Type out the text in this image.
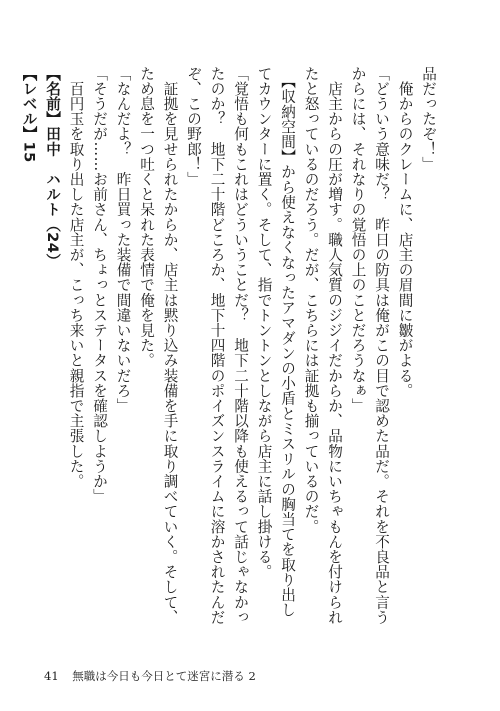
品だったぞ！」

　俺からのクレームに、店主の眉間に皺がよる。

「どういう意味だ？　昨日の防具は俺がこの目で認めた品だ。それを不良品と言うからには、それなりの覚悟の上のことだろうなぁ」

　店主からの圧が増す。職人気質のジジイだからか、品物にいちゃもんを付けられたと怒っているのだろう。だが、こちらには証拠も揃っているのだ。

　【収納空間】から使えなくなったアマダンの小盾とミスリルの胸当てを取り出してカウンターに置く。そして、指でトントンとしながら店主に話し掛ける。

「覚悟も何もこれはどういうことだ？　地下二十階以降も使えるって話じゃなかったのか？　地下二十階どころか、地下十四階のポイズンスライムに溶かされたんだぞ、この野郎！」

　証拠を見せられたからか、店主は黙り込み装備を手に取り調べていく。そして、ため息を一つ吐くと呆れた表情で俺を見た。

「なんだよ？　昨日買った装備で間違いないだろ」

「そうだが……お前さん、ちょっとステータスを確認しようか」

　百円玉を取り出した店主が、こっち来いと親指で主張した。

【名前】田中　ハルト（24）

【レベル】15

41 無職は今日も今日とて迷宮に潜る 2
